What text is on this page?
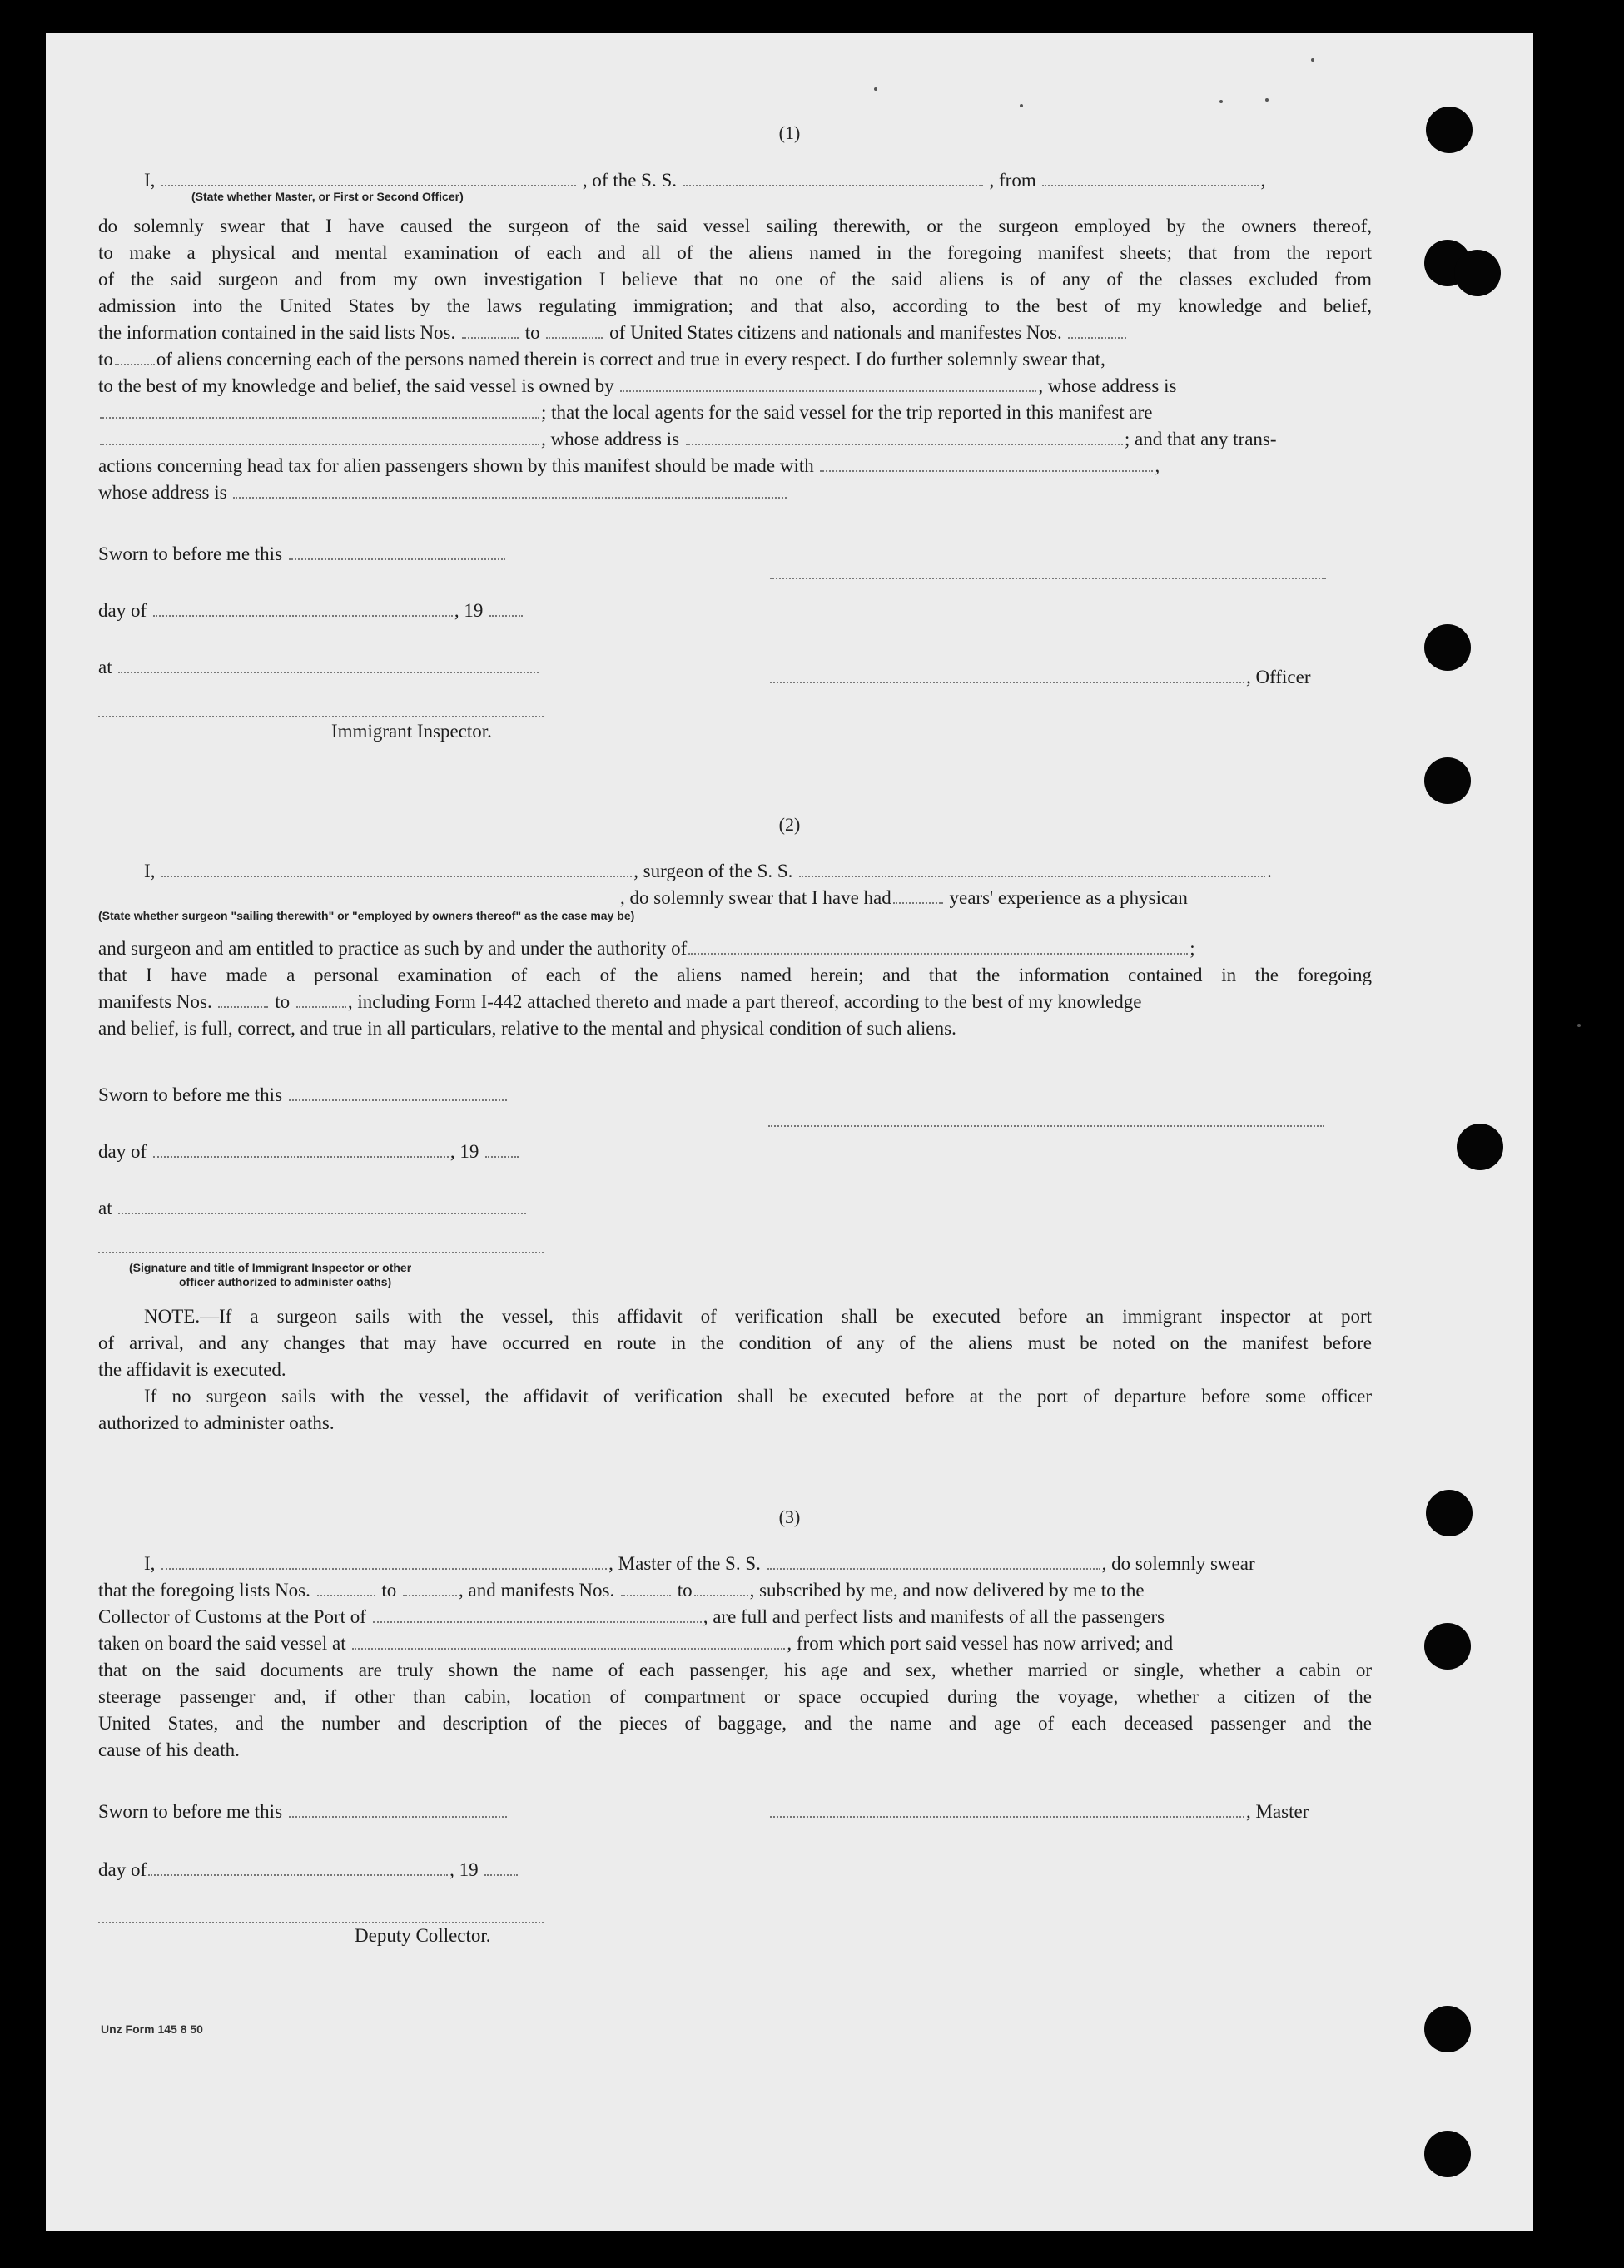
(1)
I,	, of the S. S.	, from	,
(State whether Master, or First or Second Officer)
do solemnly swear that I have caused the surgeon of the said vessel sailing therewith, or the surgeon employed by the owners thereof,
to make a physical and mental examination of each and all of the aliens named in the foregoing manifest sheets; that from the report
of the said surgeon and from my own investigation I believe that no one of the said aliens is of any of the classes excluded from
admission into the United States by the laws regulating immigration; and that also, according to the best of my knowledge and belief,
the information contained in the said lists Nos.	to	of United States citizens and nationals and manifestes Nos.
to of aliens concerning each of the persons named therein is correct and true in every respect. I do further solemnly swear that,
to the best of my knowledge and belief, the said vessel is owned by	, whose address is
; that the local agents for the said vessel for the trip reported in this manifest are
, whose address is	; and that any trans-
actions concerning head tax for alien passengers shown by this manifest should be made with	,
whose address is
Sworn to before me this
day of	, 19
at	, Officer
Immigrant Inspector.
(2)
I,	, surgeon of the S. S.	.
, do solemnly swear that I have had	years' experience as a physican
(State whether surgeon "sailing therewith" or "employed by owners thereof" as the case may be)
and surgeon and am entitled to practice as such by and under the authority of	;
that I have made a personal examination of each of the aliens named herein; and that the information contained in the foregoing
manifests Nos.	to	, including Form I-442 attached thereto and made a part thereof, according to the best of my knowledge
and belief, is full, correct, and true in all particulars, relative to the mental and physical condition of such aliens.
Sworn to before me this
day of	, 19
at
(Signature and title of Immigrant Inspector or other
officer authorized to administer oaths)
NOTE.—If a surgeon sails with the vessel, this affidavit of verification shall be executed before an immigrant inspector at port
of arrival, and any changes that may have occurred en route in the condition of any of the aliens must be noted on the manifest before
the affidavit is executed.
If no surgeon sails with the vessel, the affidavit of verification shall be executed before at the port of departure before some officer
authorized to administer oaths.
(3)
I,	, Master of the S. S.	, do solemnly swear
that the foregoing lists Nos.	to	, and manifests Nos.	to	, subscribed by me, and now delivered by me to the
Collector of Customs at the Port of	, are full and perfect lists and manifests of all the passengers
taken on board the said vessel at	, from which port said vessel has now arrived; and
that on the said documents are truly shown the name of each passenger, his age and sex, whether married or single, whether a cabin or
steerage passenger and, if other than cabin, location of compartment or space occupied during the voyage, whether a citizen of the
United States, and the number and description of the pieces of baggage, and the name and age of each deceased passenger and the
cause of his death.
Sworn to before me this	, Master
day of	, 19
Deputy Collector.
Unz Form 145 8 50
